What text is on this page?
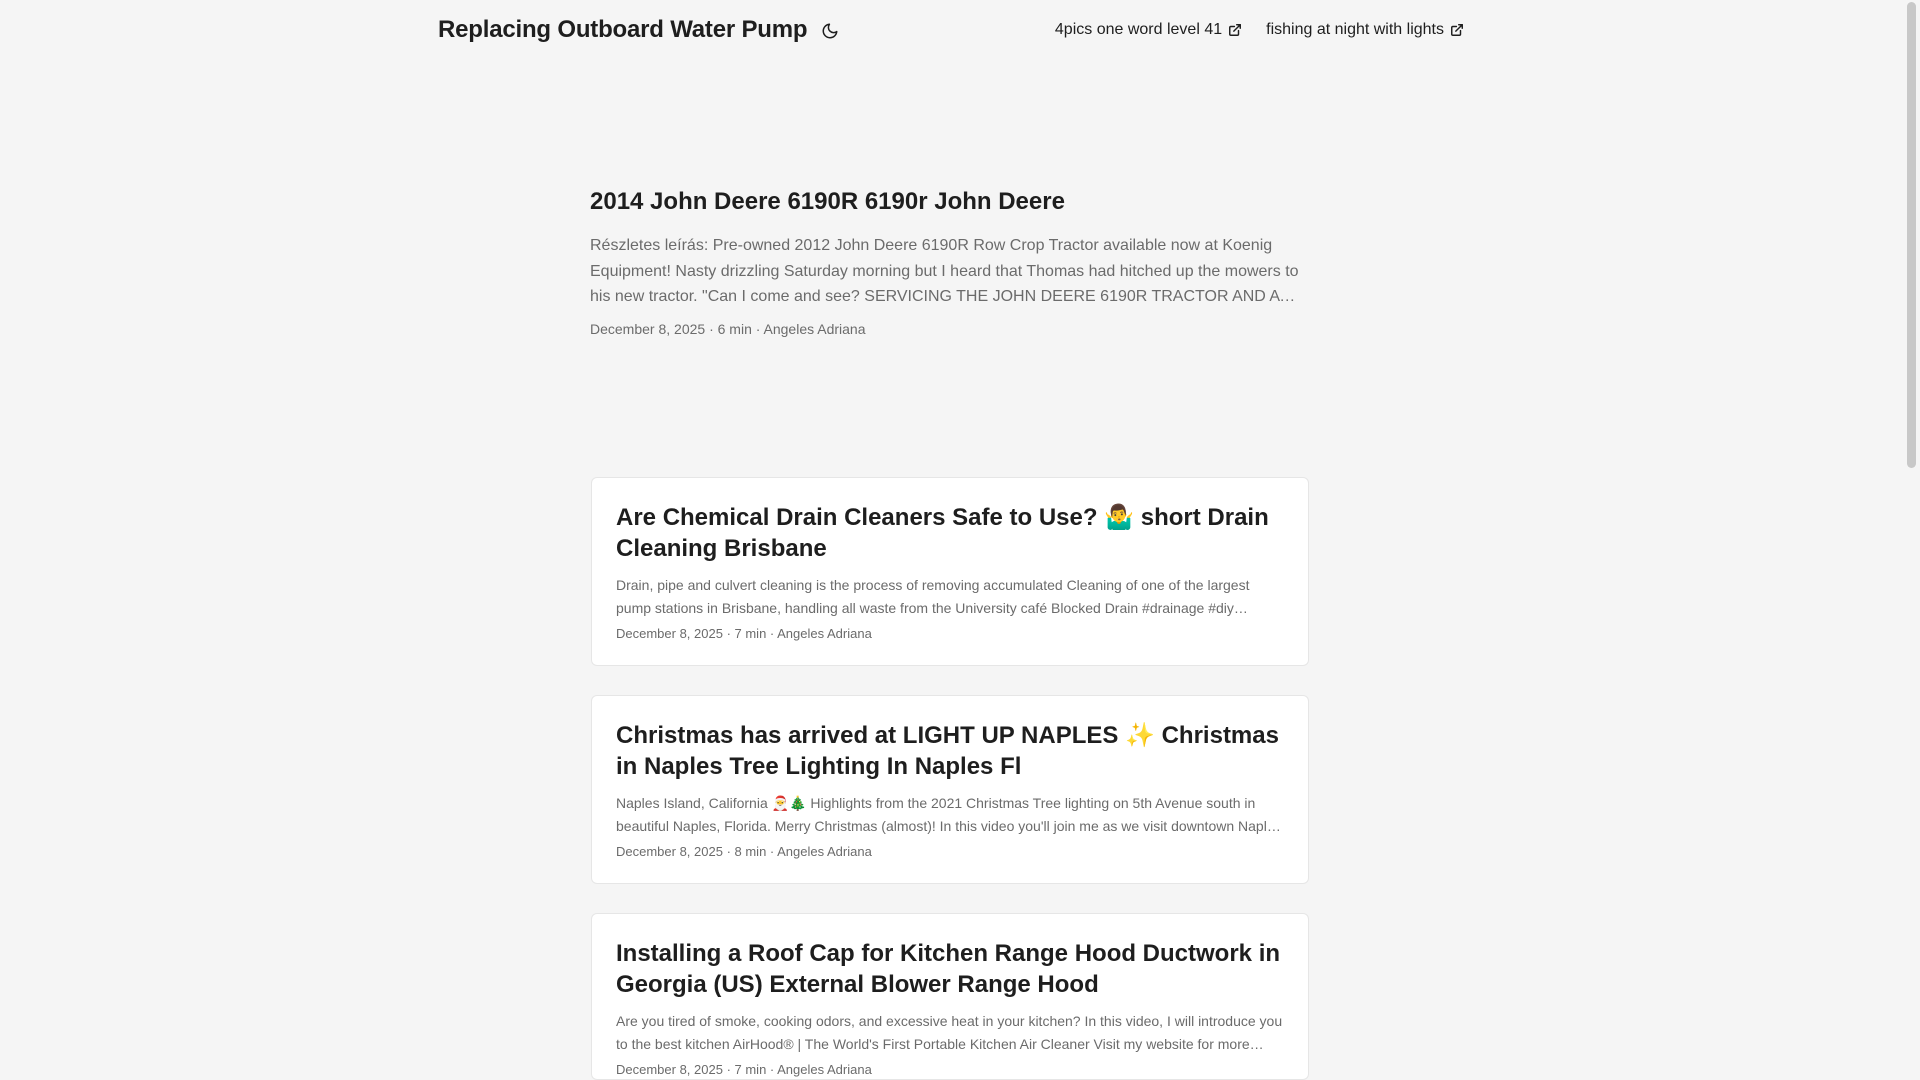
Replacing Outboard Water Pump	4pics one word level 41	fishing at night with lights
2014 John Deere 6190R 6190r John Deere

Részletes leírás: Pre-owned 2012 John Deere 6190R Row Crop Tractor available now at Koenig Equipment! Nasty drizzling Saturday morning but I heard that Thomas had hitched up the mowers to his new tractor. "Can I come and see? SERVICING THE JOHN DEERE 6190R TRACTOR AND A

December 8, 2025 · 6 min · Angeles Adriana
Are Chemical Drain Cleaners Safe to Use? 🤷‍♂️ short Drain Cleaning Brisbane

Drain, pipe and culvert cleaning is the process of removing accumulated Cleaning of one of the largest pump stations in Brisbane, handling all waste from the University café Blocked Drain #drainage #diy

December 8, 2025 · 7 min · Angeles Adriana
Christmas has arrived at LIGHT UP NAPLES ✨ Christmas in Naples Tree Lighting In Naples Fl

Naples Island, California 🎅🎄 Highlights from the 2021 Christmas Tree lighting on 5th Avenue south in beautiful Naples, Florida. Merry Christmas (almost)! In this video you'll join me as we visit downtown Naples

December 8, 2025 · 8 min · Angeles Adriana
Installing a Roof Cap for Kitchen Range Hood Ductwork in Georgia (US) External Blower Range Hood

Are you tired of smoke, cooking odors, and excessive heat in your kitchen? In this video, I will introduce you to the best kitchen AirHood® | The World's First Portable Kitchen Air Cleaner Visit my website for more

December 8, 2025 · 7 min · Angeles Adriana
